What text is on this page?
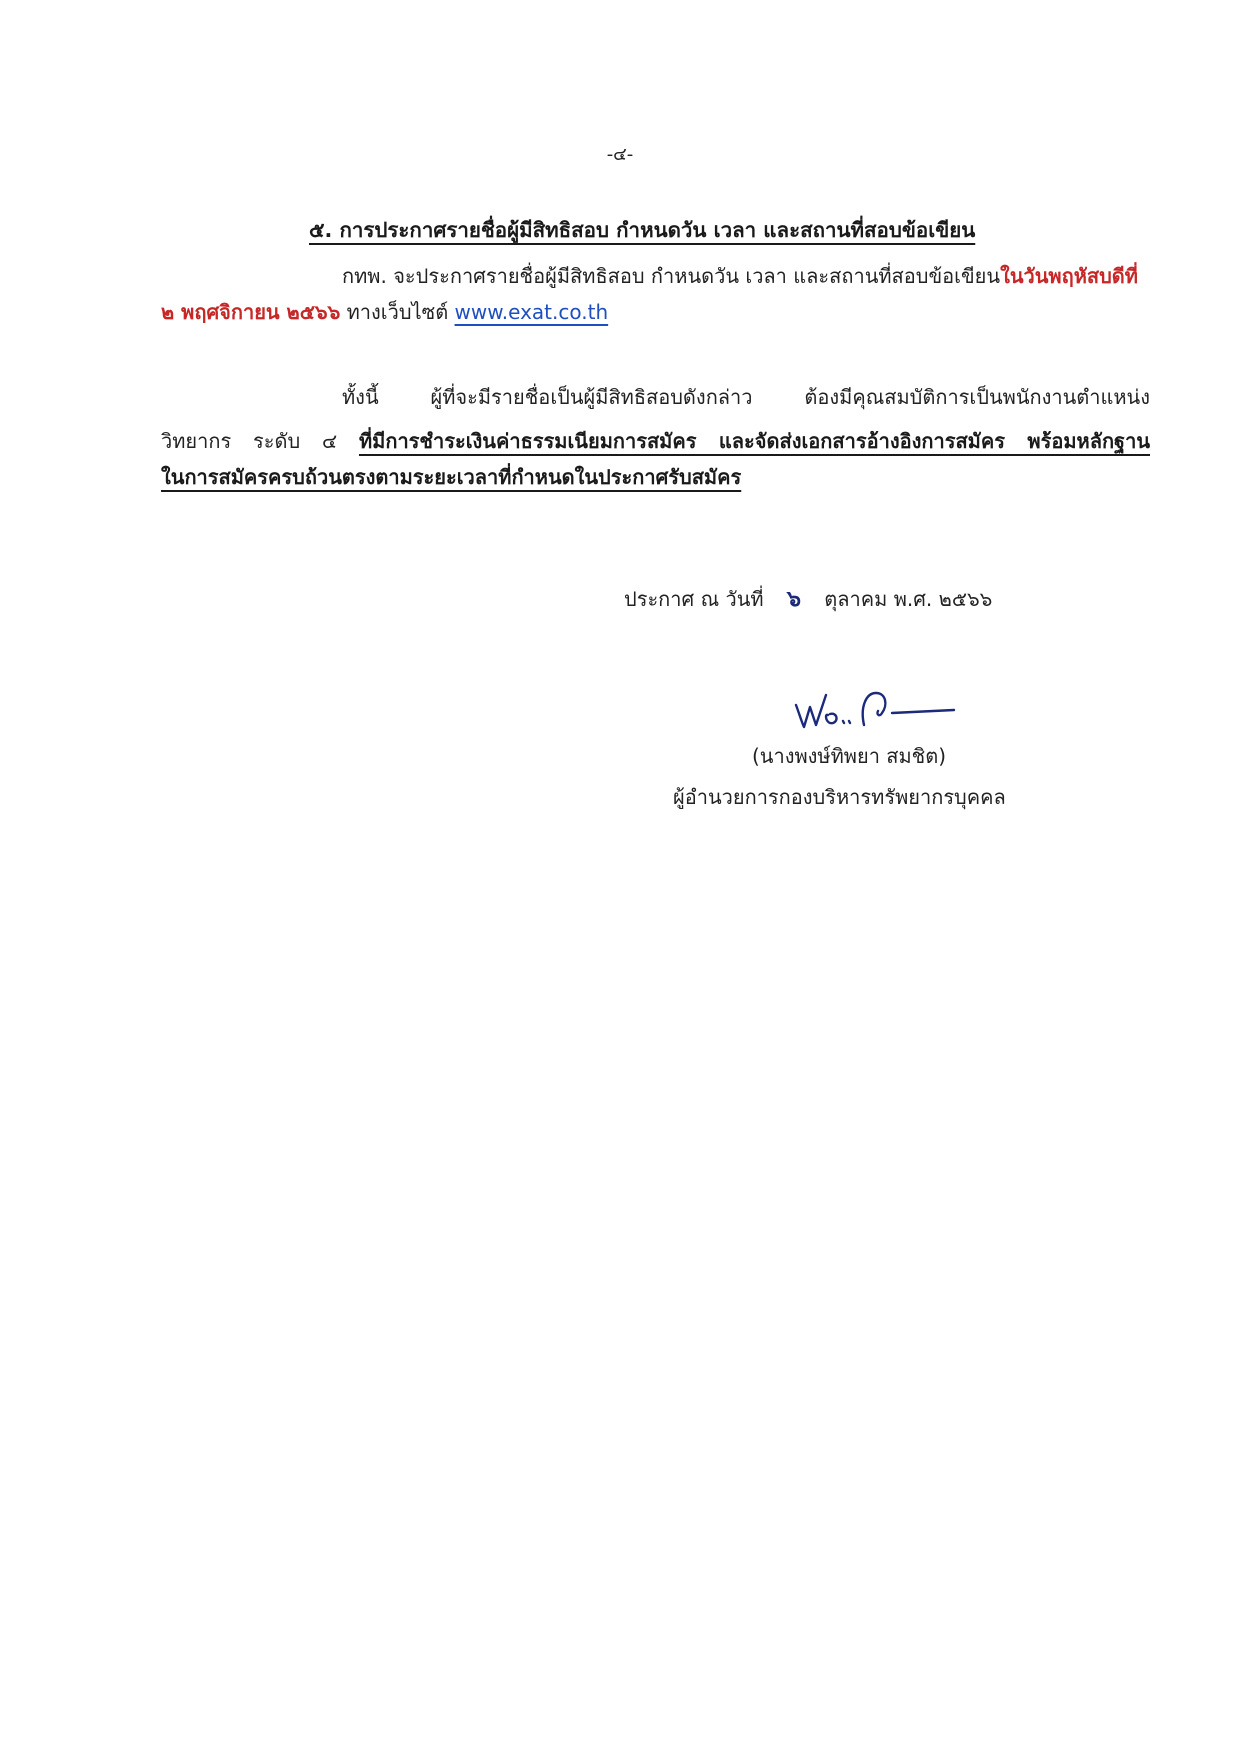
-๔-
๕. การประกาศรายชื่อผู้มีสิทธิสอบ กำหนดวัน เวลา และสถานที่สอบข้อเขียน
กทพ. จะประกาศรายชื่อผู้มีสิทธิสอบ กำหนดวัน เวลา และสถานที่สอบข้อเขียนในวันพฤหัสบดีที่
๒ พฤศจิกายน ๒๕๖๖ ทางเว็บไซต์ www.exat.co.th
ทั้งนี้ ผู้ที่จะมีรายชื่อเป็นผู้มีสิทธิสอบดังกล่าว ต้องมีคุณสมบัติการเป็นพนักงานตำแหน่ง
วิทยากร ระดับ ๔ ที่มีการชำระเงินค่าธรรมเนียมการสมัคร และจัดส่งเอกสารอ้างอิงการสมัคร พร้อมหลักฐาน
ในการสมัครครบถ้วนตรงตามระยะเวลาที่กำหนดในประกาศรับสมัคร
ประกาศ ณ วันที่ ๖ ตุลาคม พ.ศ. ๒๕๖๖
(นางพงษ์ทิพยา สมชิต)
ผู้อำนวยการกองบริหารทรัพยากรบุคคล
